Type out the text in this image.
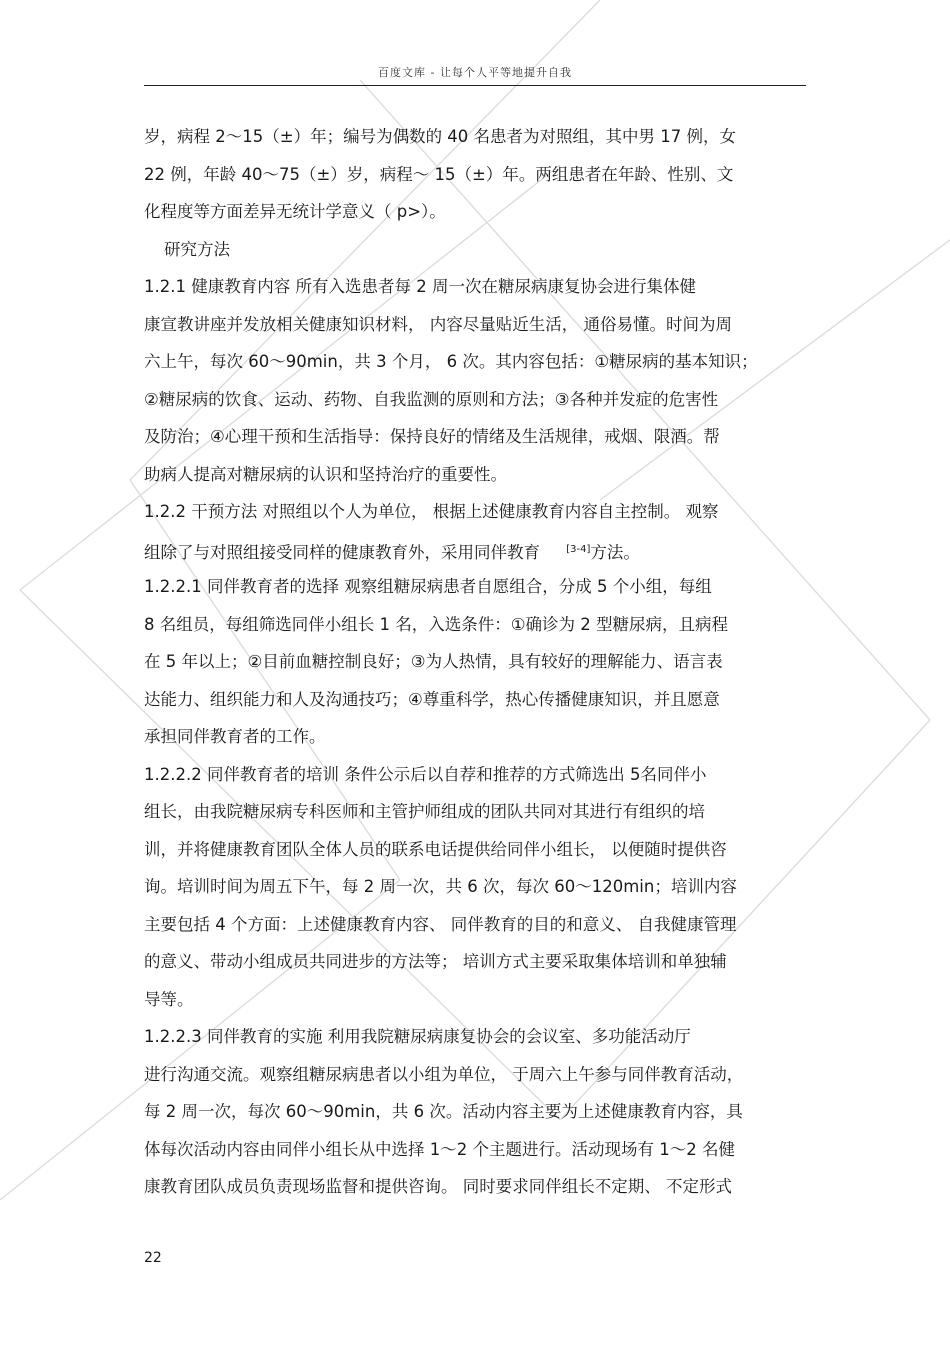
百度文库 - 让每个人平等地提升自我
岁，病程 2～15（±）年；编号为偶数的 40 名患者为对照组，其中男 17 例，女
22 例，年龄 40～75（±）岁，病程～ 15（±）年。两组患者在年龄、性别、文
化程度等方面差异无统计学意义（ p>）。
研究方法
1.2.1 健康教育内容 所有入选患者每 2 周一次在糖尿病康复协会进行集体健
康宣教讲座并发放相关健康知识材料， 内容尽量贴近生活， 通俗易懂。时间为周
六上午，每次 60～90min，共 3 个月， 6 次。其内容包括：①糖尿病的基本知识；
②糖尿病的饮食、运动、药物、自我监测的原则和方法；③各种并发症的危害性
及防治；④心理干预和生活指导：保持良好的情绪及生活规律，戒烟、限酒。帮
助病人提高对糖尿病的认识和坚持治疗的重要性。
1.2.2 干预方法 对照组以个人为单位， 根据上述健康教育内容自主控制。 观察
组除了与对照组接受同样的健康教育外，采用同伴教育	[3-4]方法。
1.2.2.1 同伴教育者的选择 观察组糖尿病患者自愿组合，分成 5 个小组，每组
8 名组员，每组筛选同伴小组长 1 名，入选条件：①确诊为 2 型糖尿病，且病程
在 5 年以上；②目前血糖控制良好；③为人热情，具有较好的理解能力、语言表
达能力、组织能力和人及沟通技巧；④尊重科学，热心传播健康知识，并且愿意
承担同伴教育者的工作。
1.2.2.2 同伴教育者的培训 条件公示后以自荐和推荐的方式筛选出 5名同伴小
组长，由我院糖尿病专科医师和主管护师组成的团队共同对其进行有组织的培
训，并将健康教育团队全体人员的联系电话提供给同伴小组长， 以便随时提供咨
询。培训时间为周五下午，每 2 周一次，共 6 次，每次 60～120min；培训内容
主要包括 4 个方面：上述健康教育内容、 同伴教育的目的和意义、 自我健康管理
的意义、带动小组成员共同进步的方法等； 培训方式主要采取集体培训和单独辅
导等。
1.2.2.3 同伴教育的实施 利用我院糖尿病康复协会的会议室、多功能活动厅
进行沟通交流。观察组糖尿病患者以小组为单位， 于周六上午参与同伴教育活动，
每 2 周一次，每次 60～90min，共 6 次。活动内容主要为上述健康教育内容，具
体每次活动内容由同伴小组长从中选择 1～2 个主题进行。活动现场有 1～2 名健
康教育团队成员负责现场监督和提供咨询。 同时要求同伴组长不定期、 不定形式
22
